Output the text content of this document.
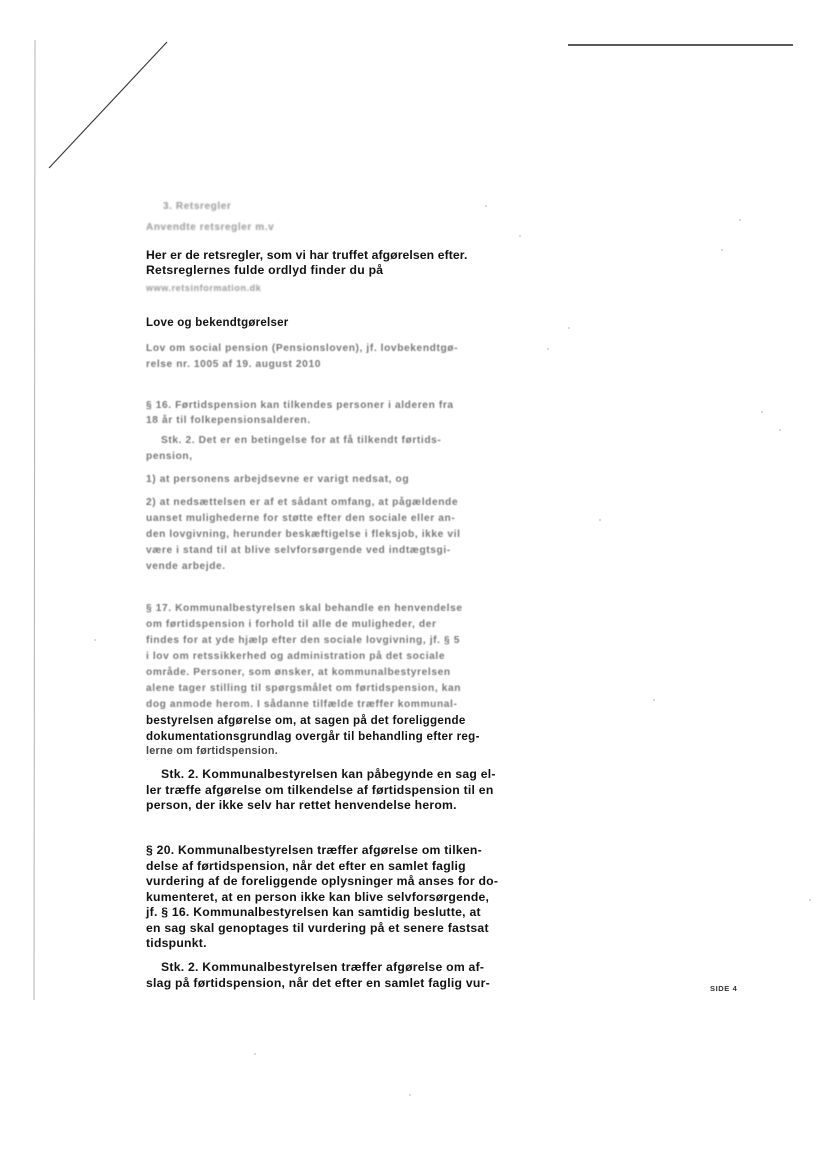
3. Retsregler
Anvendte retsregler m.v
Her er de retsregler, som vi har truffet afgørelsen efter.
Retsreglernes fulde ordlyd finder du på
www.retsinformation.dk
Love og bekendtgørelser
Lov om social pension (Pensionsloven), jf. lovbekendtgø-
relse nr. 1005 af 19. august 2010
§ 16. Førtidspension kan tilkendes personer i alderen fra
18 år til folkepensionsalderen.
Stk. 2. Det er en betingelse for at få tilkendt førtids-
pension,
1) at personens arbejdsevne er varigt nedsat, og
2) at nedsættelsen er af et sådant omfang, at pågældende
uanset mulighederne for støtte efter den sociale eller an-
den lovgivning, herunder beskæftigelse i fleksjob, ikke vil
være i stand til at blive selvforsørgende ved indtægtsgi-
vende arbejde.
§ 17. Kommunalbestyrelsen skal behandle en henvendelse
om førtidspension i forhold til alle de muligheder, der
findes for at yde hjælp efter den sociale lovgivning, jf. § 5
i lov om retssikkerhed og administration på det sociale
område. Personer, som ønsker, at kommunalbestyrelsen
alene tager stilling til spørgsmålet om førtidspension, kan
dog anmode herom. I sådanne tilfælde træffer kommunal-
bestyrelsen afgørelse om, at sagen på det foreliggende
dokumentationsgrundlag overgår til behandling efter reg-
lerne om førtidspension.
Stk. 2. Kommunalbestyrelsen kan påbegynde en sag el-
ler træffe afgørelse om tilkendelse af førtidspension til en
person, der ikke selv har rettet henvendelse herom.
§ 20. Kommunalbestyrelsen træffer afgørelse om tilken-
delse af førtidspension, når det efter en samlet faglig
vurdering af de foreliggende oplysninger må anses for do-
kumenteret, at en person ikke kan blive selvforsørgende,
jf. § 16. Kommunalbestyrelsen kan samtidig beslutte, at
en sag skal genoptages til vurdering på et senere fastsat
tidspunkt.
Stk. 2. Kommunalbestyrelsen træffer afgørelse om af-
slag på førtidspension, når det efter en samlet faglig vur-	SIDE 4
